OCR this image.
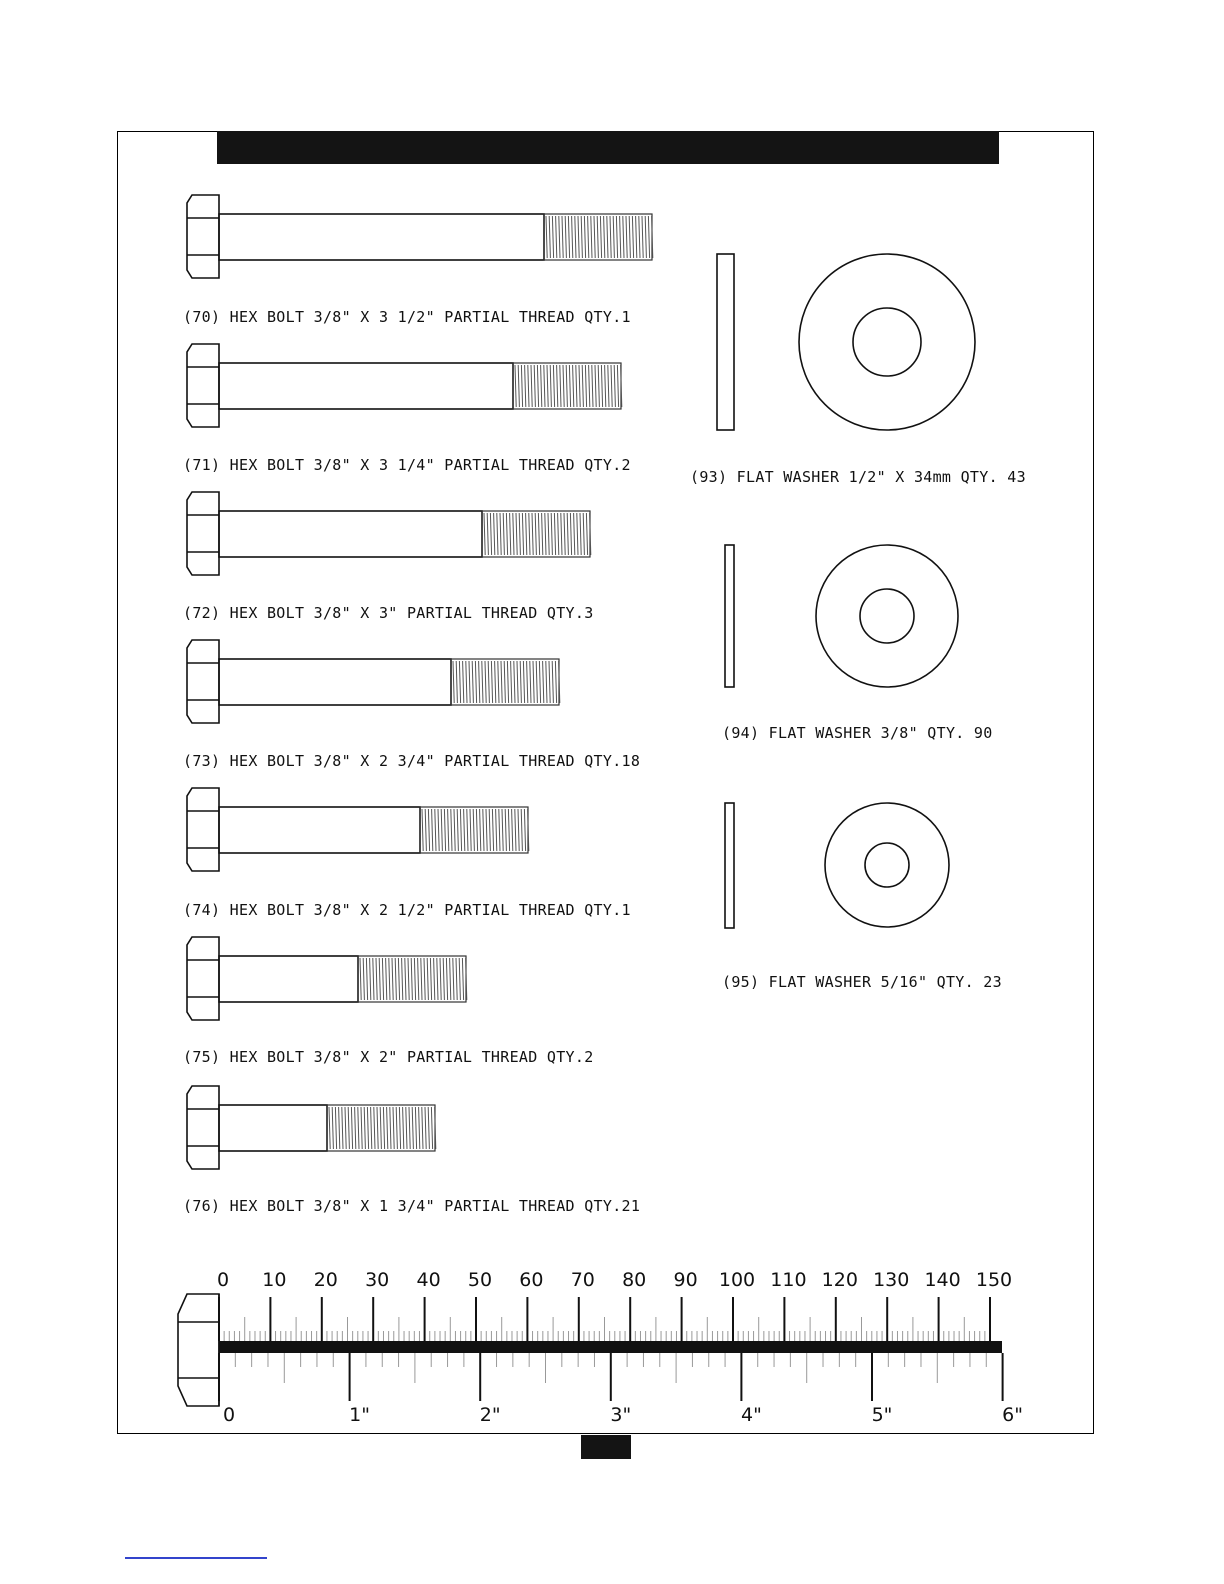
(70) HEX BOLT 3/8" X 3 1/2" PARTIAL THREAD QTY.1
(71) HEX BOLT 3/8" X 3 1/4" PARTIAL THREAD QTY.2
(72) HEX BOLT 3/8" X 3" PARTIAL THREAD QTY.3
(73) HEX BOLT 3/8" X 2 3/4" PARTIAL THREAD QTY.18
(74) HEX BOLT 3/8" X 2 1/2" PARTIAL THREAD QTY.1
(75) HEX BOLT 3/8" X 2" PARTIAL THREAD QTY.2
(76) HEX BOLT 3/8" X 1 3/4" PARTIAL THREAD QTY.21
(93) FLAT WASHER 1/2" X 34mm QTY. 43
(94) FLAT WASHER 3/8" QTY. 90
(95) FLAT WASHER 5/16" QTY. 23
0 10 20 30 40 50 60 70 80 90 100 110 120 130 140 150
0	1"	2"	3"	4"	5"	6"
